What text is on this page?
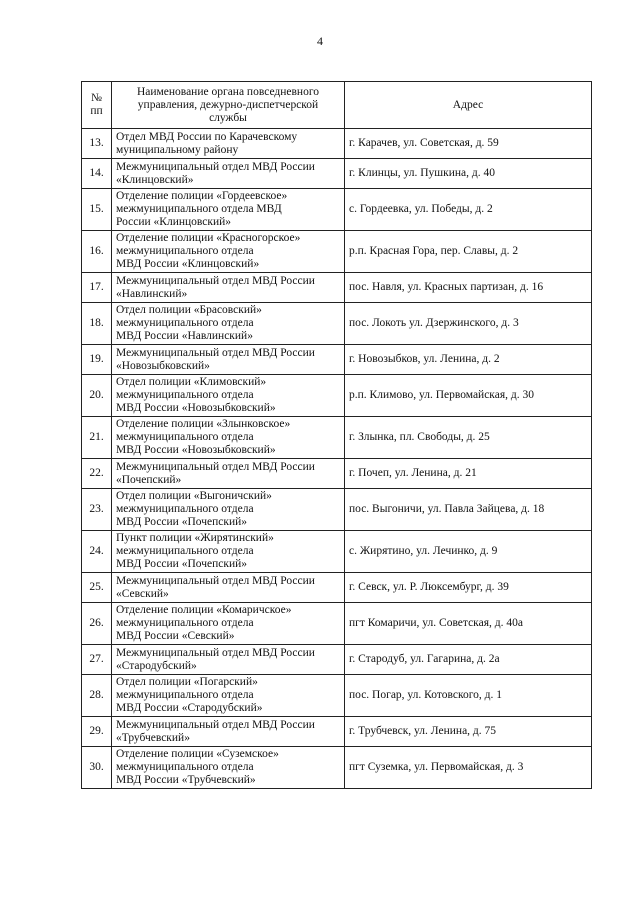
4
№
пп	Наименование органа повседневного
управления, дежурно-диспетчерской
службы	Адрес
13.	Отдел МВД России по Карачевскому
муниципальному району	г. Карачев, ул. Советская, д. 59
14.	Межмуниципальный отдел МВД России
«Клинцовский»	г. Клинцы, ул. Пушкина, д. 40
15.	Отделение полиции «Гордеевское»
межмуниципального отдела МВД
России «Клинцовский»	с. Гордеевка, ул. Победы, д. 2
16.	Отделение полиции «Красногорское»
межмуниципального отдела
МВД России «Клинцовский»	р.п. Красная Гора, пер. Славы, д. 2
17.	Межмуниципальный отдел МВД России
«Навлинский»	пос. Навля, ул. Красных партизан, д. 16
18.	Отдел полиции «Брасовский»
межмуниципального отдела
МВД России «Навлинский»	пос. Локоть ул. Дзержинского, д. 3
19.	Межмуниципальный отдел МВД России
«Новозыбковский»	г. Новозыбков, ул. Ленина, д. 2
20.	Отдел полиции «Климовский»
межмуниципального отдела
МВД России «Новозыбковский»	р.п. Климово, ул. Первомайская, д. 30
21.	Отделение полиции «Злынковское»
межмуниципального отдела
МВД России «Новозыбковский»	г. Злынка, пл. Свободы, д. 25
22.	Межмуниципальный отдел МВД России
«Почепский»	г. Почеп, ул. Ленина, д. 21
23.	Отдел полиции «Выгоничский»
межмуниципального отдела
МВД России «Почепский»	пос. Выгоничи, ул. Павла Зайцева, д. 18
24.	Пункт полиции «Жирятинский»
межмуниципального отдела
МВД России «Почепский»	с. Жирятино, ул. Лечинко, д. 9
25.	Межмуниципальный отдел МВД России
«Севский»	г. Севск, ул. Р. Люксембург, д. 39
26.	Отделение полиции «Комаричское»
межмуниципального отдела
МВД России «Севский»	пгт Комаричи, ул. Советская, д. 40а
27.	Межмуниципальный отдел МВД России
«Стародубский»	г. Стародуб, ул. Гагарина, д. 2а
28.	Отдел полиции «Погарский»
межмуниципального отдела
МВД России «Стародубский»	пос. Погар, ул. Котовского, д. 1
29.	Межмуниципальный отдел МВД России
«Трубчевский»	г. Трубчевск, ул. Ленина, д. 75
30.	Отделение полиции «Суземское»
межмуниципального отдела
МВД России «Трубчевский»	пгт Суземка, ул. Первомайская, д. 3
